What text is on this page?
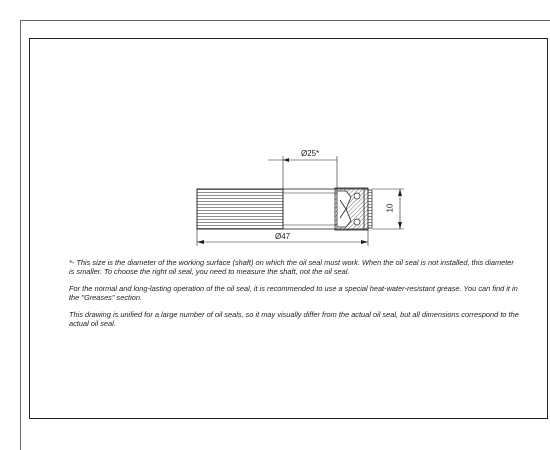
Ø25*
Ø47
10

*- This size is the diameter of the working surface (shaft) on which the oil seal must work. When the oil seal is not installed, this diameter is smaller. To choose the right oil seal, you need to measure the shaft, not the oil seal.

For the normal and long-lasting operation of the oil seal, it is recommended to use a special heat-water-resistant grease. You can find it in the "Greases" section.

This drawing is unified for a large number of oil seals, so it may visually differ from the actual oil seal, but all dimensions correspond to the actual oil seal.
